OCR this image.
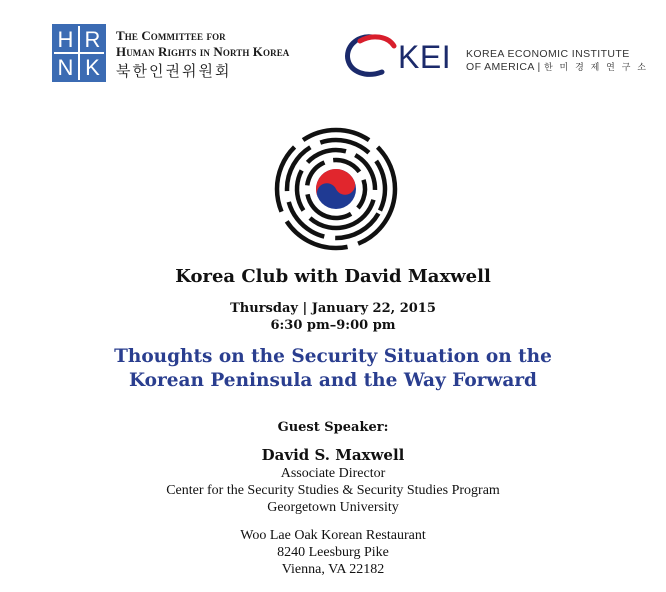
H R
N K
The Committee for
Human Rights in North Korea
북한인권위원회	KEI KOREA ECONOMIC INSTITUTE
OF AMERICA | 한 미 경 제 연 구 소
Korea Club with David Maxwell
Thursday | January 22, 2015
6:30 pm–9:00 pm
Thoughts on the Security Situation on the
Korean Peninsula and the Way Forward
Guest Speaker:
David S. Maxwell
Associate Director
Center for the Security Studies & Security Studies Program
Georgetown University
Woo Lae Oak Korean Restaurant
8240 Leesburg Pike
Vienna, VA 22182
